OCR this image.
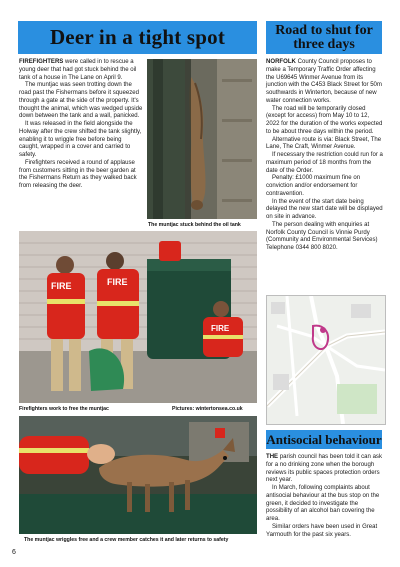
Deer in a tight spot

FIREFIGHTERS were called in to rescue a young deer that had got stuck behind the oil tank of a house in The Lane on April 9.

The muntjac was seen trotting down the road past the Fishermans before it squeezed through a gate at the side of the property. It's thought the animal, which was wedged upside down between the tank and a wall, panicked.

It was released in the field alongside the Holway after the crew shifted the tank slightly, enabling it to wriggle free before being caught, wrapped in a cover and carried to safety.

Firefighters received a round of applause from customers sitting in the beer garden at the Fishermans Return as they walked back from releasing the deer.

The muntjac stuck behind the oil tank
FIRE	FIRE
FIRE
Firefighters work to free the muntjac	Pictures: wintertonsea.co.uk
The muntjac wriggles free and a crew member catches it and later returns to safety
Road to shut for
three days

NORFOLK County Council proposes to make a Temporary Traffic Order affecting the U69645 Winmer Avenue from its junction with the C453 Black Street for 50m southwards in Winterton, because of new water connection works.

The road will be temporarily closed (except for access) from May 10 to 12, 2022 for the duration of the works expected to be about three days within the period.

Alternative route is via: Black Street, The Lane, The Craft, Winmer Avenue.

If necessary the restriction could run for a maximum period of 18 months from the date of the Order.

Penalty: £1000 maximum fine on conviction and/or endorsement for contravention.

In the event of the start date being delayed the new start date will be displayed on site in advance.

The person dealing with enquiries at Norfolk County Council is Vinnie Purdy (Community and Environmental Services) Telephone 0344 800 8020.

Antisocial behaviour

THE parish council has been told it can ask for a no drinking zone when the borough reviews its public spaces protection orders next year.

In March, following complaints about antisocial behaviour at the bus stop on the green, it decided to investigate the possibility of an alcohol ban covering the area.

Similar orders have been used in Great Yarmouth for the past six years.

6
